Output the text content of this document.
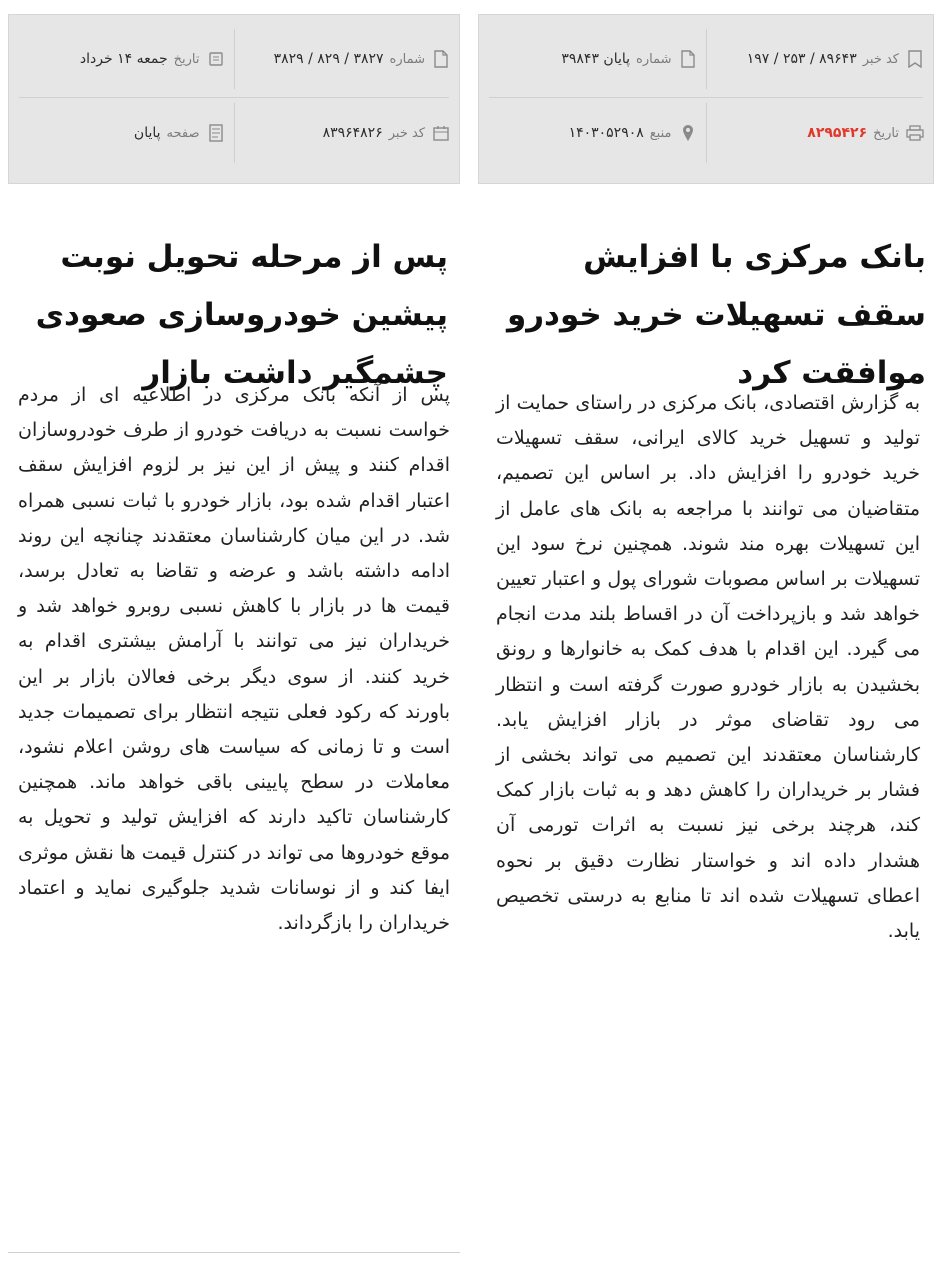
شماره
۳۸۲۹ / ۸۲۹ / ۳۸۲۷
تاریخ
جمعه ۱۴ خرداد
کد خبر
۸۳۹۶۴۸۲۶
صفحه
پایان
پس از مرحله تحویل نوبت پیشین خودروسازی صعودی چشمگیر داشت بازار
پس از آنکه بانک مرکزی در اطلاعیه ای از مردم خواست نسبت به دریافت خودرو از طرف خودروسازان اقدام کنند و پیش از این نیز بر لزوم افزایش سقف اعتبار اقدام شده بود، بازار خودرو با ثبات نسبی همراه شد. در این میان کارشناسان معتقدند چنانچه این روند ادامه داشته باشد و عرضه و تقاضا به تعادل برسد، قیمت ها در بازار با کاهش نسبی روبرو خواهد شد و خریداران نیز می توانند با آرامش بیشتری اقدام به خرید کنند. از سوی دیگر برخی فعالان بازار بر این باورند که رکود فعلی نتیجه انتظار برای تصمیمات جدید است و تا زمانی که سیاست های روشن اعلام نشود، معاملات در سطح پایینی باقی خواهد ماند. همچنین کارشناسان تاکید دارند که افزایش تولید و تحویل به موقع خودروها می تواند در کنترل قیمت ها نقش موثری ایفا کند و از نوسانات شدید جلوگیری نماید و اعتماد خریداران را بازگرداند.
کد خبر
۱۹۷ / ۲۵۳ / ۸۹۶۴۳
شماره
۳۹۸۴۳ پایان
تاریخ
۸۲۹۵۴۲۶
منبع
۱۴۰۳۰۵۲۹۰۸
بانک مرکزی با افزایش سقف تسهیلات خرید خودرو موافقت کرد
به گزارش اقتصادی، بانک مرکزی در راستای حمایت از تولید و تسهیل خرید کالای ایرانی، سقف تسهیلات خرید خودرو را افزایش داد. بر اساس این تصمیم، متقاضیان می توانند با مراجعه به بانک های عامل از این تسهیلات بهره مند شوند. همچنین نرخ سود این تسهیلات بر اساس مصوبات شورای پول و اعتبار تعیین خواهد شد و بازپرداخت آن در اقساط بلند مدت انجام می گیرد. این اقدام با هدف کمک به خانوارها و رونق بخشیدن به بازار خودرو صورت گرفته است و انتظار می رود تقاضای موثر در بازار افزایش یابد. کارشناسان معتقدند این تصمیم می تواند بخشی از فشار بر خریداران را کاهش دهد و به ثبات بازار کمک کند، هرچند برخی نیز نسبت به اثرات تورمی آن هشدار داده اند و خواستار نظارت دقیق بر نحوه اعطای تسهیلات شده اند تا منابع به درستی تخصیص یابد.
